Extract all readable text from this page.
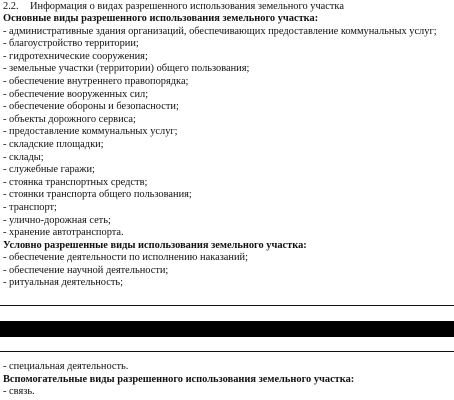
2.2. Информация о видах разрешенного использования земельного участка
Основные виды разрешенного использования земельного участка:
- административные здания организаций, обеспечивающих предоставление коммунальных услуг;
- благоустройство территории;
- гидротехнические сооружения;
- земельные участки (территории) общего пользования;
- обеспечение внутреннего правопорядка;
- обеспечение вооруженных сил;
- обеспечение обороны и безопасности;
- объекты дорожного сервиса;
- предоставление коммунальных услуг;
- складские площадки;
- склады;
- служебные гаражи;
- стоянка транспортных средств;
- стоянки транспорта общего пользования;
- транспорт;
- улично-дорожная сеть;
- хранение автотранспорта.
Условно разрешенные виды использования земельного участка:
- обеспечение деятельности по исполнению наказаний;
- обеспечение научной деятельности;
- ритуальная деятельность;
- специальная деятельность.
Вспомогательные виды разрешенного использования земельного участка:
- связь.
